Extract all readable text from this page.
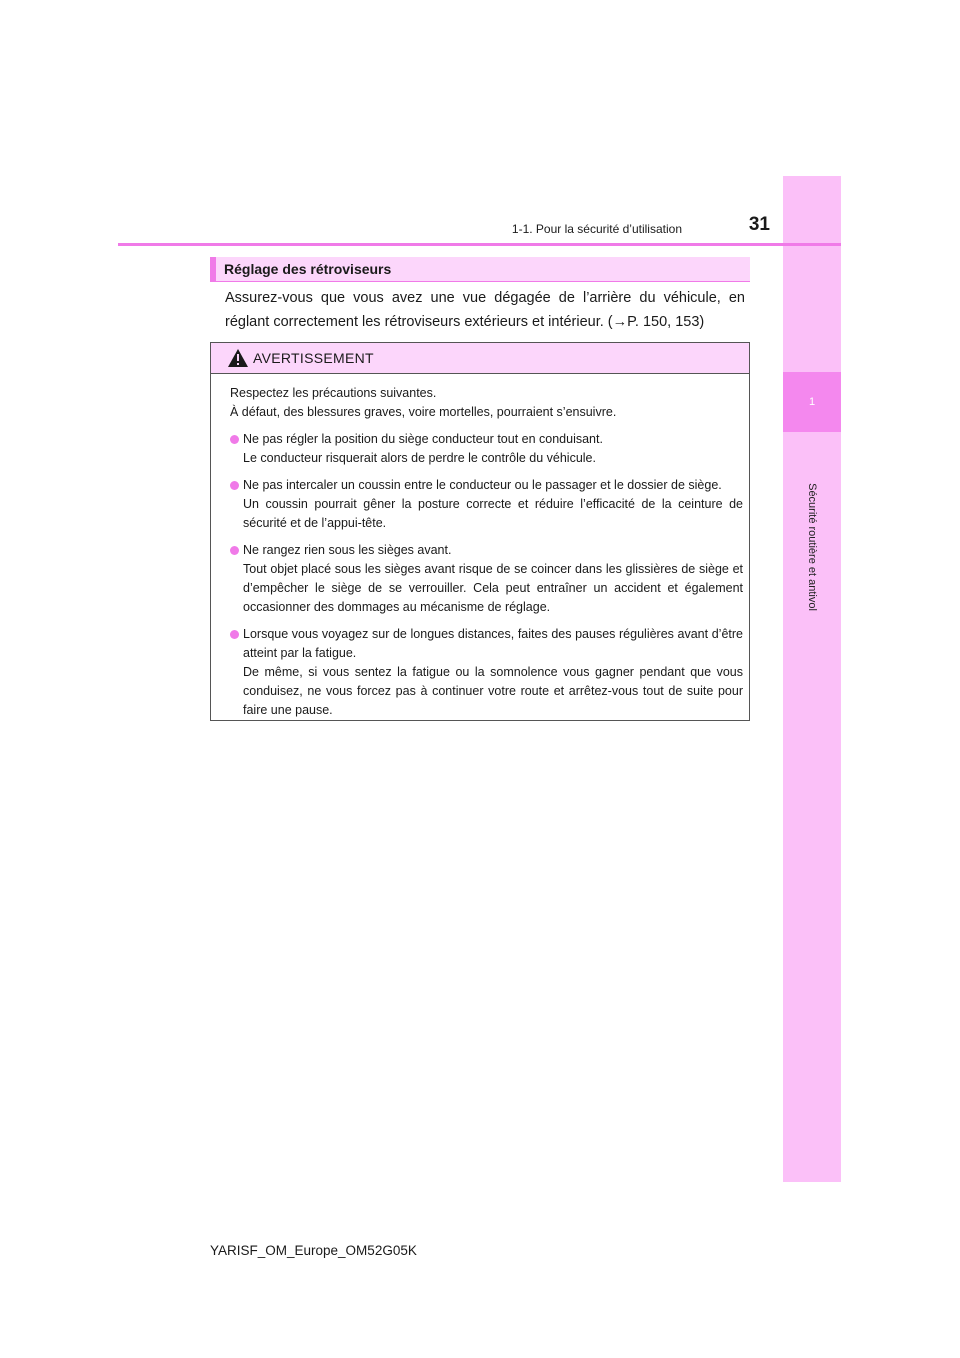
1
Sécurité routière et antivol
31
1-1. Pour la sécurité d’utilisation
Réglage des rétroviseurs
Assurez-vous que vous avez une vue dégagée de l’arrière du véhicule, en
réglant correctement les rétroviseurs extérieurs et intérieur. (→P. 150, 153)
AVERTISSEMENT

Respectez les précautions suivantes.

À défaut, des blessures graves, voire mortelles, pourraient s’ensuivre.

Ne pas régler la position du siège conducteur tout en conduisant.
Le conducteur risquerait alors de perdre le contrôle du véhicule.
Ne pas intercaler un coussin entre le conducteur ou le passager et le dossier de siège.
Un coussin pourrait gêner la posture correcte et réduire l’efficacité de la ceinture de sécurité et de l’appui-tête.
Ne rangez rien sous les sièges avant.
Tout objet placé sous les sièges avant risque de se coincer dans les glissières de siège et d’empêcher le siège de se verrouiller. Cela peut entraîner un accident et également occasionner des dommages au mécanisme de réglage.
Lorsque vous voyagez sur de longues distances, faites des pauses régulières avant d’être atteint par la fatigue.
De même, si vous sentez la fatigue ou la somnolence vous gagner pendant que vous conduisez, ne vous forcez pas à continuer votre route et arrêtez-vous tout de suite pour faire une pause.
YARISF_OM_Europe_OM52G05K
